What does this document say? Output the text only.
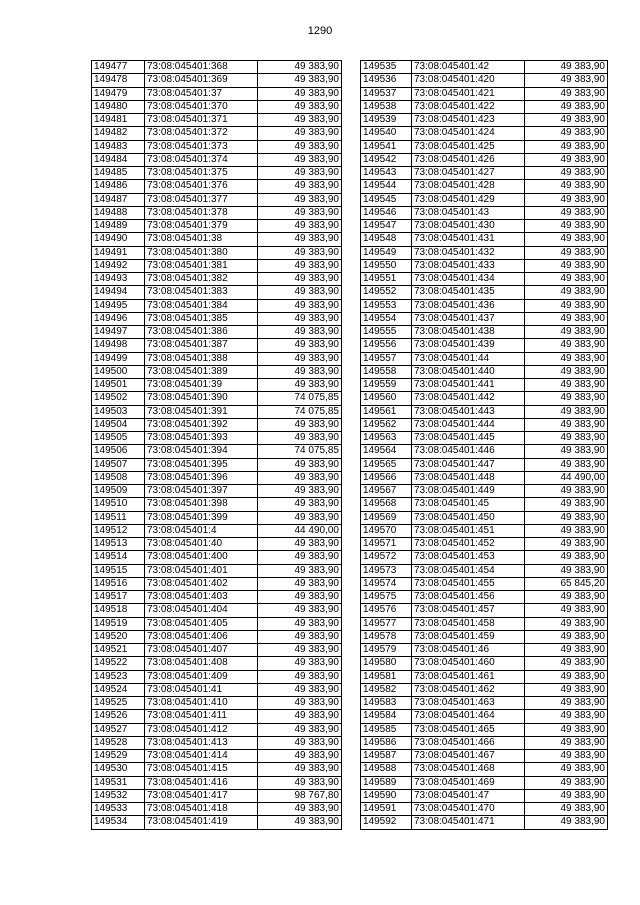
1290
149477	73:08:045401:368	49 383,90
149478	73:08:045401:369	49 383,90
149479	73:08:045401:37	49 383,90
149480	73:08:045401:370	49 383,90
149481	73:08:045401:371	49 383,90
149482	73:08:045401:372	49 383,90
149483	73:08:045401:373	49 383,90
149484	73:08:045401:374	49 383,90
149485	73:08:045401:375	49 383,90
149486	73:08:045401:376	49 383,90
149487	73:08:045401:377	49 383,90
149488	73:08:045401:378	49 383,90
149489	73:08:045401:379	49 383,90
149490	73:08:045401:38	49 383,90
149491	73:08:045401:380	49 383,90
149492	73:08:045401:381	49 383,90
149493	73:08:045401:382	49 383,90
149494	73:08:045401:383	49 383,90
149495	73:08:045401:384	49 383,90
149496	73:08:045401:385	49 383,90
149497	73:08:045401:386	49 383,90
149498	73:08:045401:387	49 383,90
149499	73:08:045401:388	49 383,90
149500	73:08:045401:389	49 383,90
149501	73:08:045401:39	49 383,90
149502	73:08:045401:390	74 075,85
149503	73:08:045401:391	74 075,85
149504	73:08:045401:392	49 383,90
149505	73:08:045401:393	49 383,90
149506	73:08:045401:394	74 075,85
149507	73:08:045401:395	49 383,90
149508	73:08:045401:396	49 383,90
149509	73:08:045401:397	49 383,90
149510	73:08:045401:398	49 383,90
149511	73:08:045401:399	49 383,90
149512	73:08:045401:4	44 490,00
149513	73:08:045401:40	49 383,90
149514	73:08:045401:400	49 383,90
149515	73:08:045401:401	49 383,90
149516	73:08:045401:402	49 383,90
149517	73:08:045401:403	49 383,90
149518	73:08:045401:404	49 383,90
149519	73:08:045401:405	49 383,90
149520	73:08:045401:406	49 383,90
149521	73:08:045401:407	49 383,90
149522	73:08:045401:408	49 383,90
149523	73:08:045401:409	49 383,90
149524	73:08:045401:41	49 383,90
149525	73:08:045401:410	49 383,90
149526	73:08:045401:411	49 383,90
149527	73:08:045401:412	49 383,90
149528	73:08:045401:413	49 383,90
149529	73:08:045401:414	49 383,90
149530	73:08:045401:415	49 383,90
149531	73:08:045401:416	49 383,90
149532	73:08:045401:417	98 767,80
149533	73:08:045401:418	49 383,90
149534	73:08:045401:419	49 383,90
149535	73:08:045401:42	49 383,90
149536	73:08:045401:420	49 383,90
149537	73:08:045401:421	49 383,90
149538	73:08:045401:422	49 383,90
149539	73:08:045401:423	49 383,90
149540	73:08:045401:424	49 383,90
149541	73:08:045401:425	49 383,90
149542	73:08:045401:426	49 383,90
149543	73:08:045401:427	49 383,90
149544	73:08:045401:428	49 383,90
149545	73:08:045401:429	49 383,90
149546	73:08:045401:43	49 383,90
149547	73:08:045401:430	49 383,90
149548	73:08:045401:431	49 383,90
149549	73:08:045401:432	49 383,90
149550	73:08:045401:433	49 383,90
149551	73:08:045401:434	49 383,90
149552	73:08:045401:435	49 383,90
149553	73:08:045401:436	49 383,90
149554	73:08:045401:437	49 383,90
149555	73:08:045401:438	49 383,90
149556	73:08:045401:439	49 383,90
149557	73:08:045401:44	49 383,90
149558	73:08:045401:440	49 383,90
149559	73:08:045401:441	49 383,90
149560	73:08:045401:442	49 383,90
149561	73:08:045401:443	49 383,90
149562	73:08:045401:444	49 383,90
149563	73:08:045401:445	49 383,90
149564	73:08:045401:446	49 383,90
149565	73:08:045401:447	49 383,90
149566	73:08:045401:448	44 490,00
149567	73:08:045401:449	49 383,90
149568	73:08:045401:45	49 383,90
149569	73:08:045401:450	49 383,90
149570	73:08:045401:451	49 383,90
149571	73:08:045401:452	49 383,90
149572	73:08:045401:453	49 383,90
149573	73:08:045401:454	49 383,90
149574	73:08:045401:455	65 845,20
149575	73:08:045401:456	49 383,90
149576	73:08:045401:457	49 383,90
149577	73:08:045401:458	49 383,90
149578	73:08:045401:459	49 383,90
149579	73:08:045401:46	49 383,90
149580	73:08:045401:460	49 383,90
149581	73:08:045401:461	49 383,90
149582	73:08:045401:462	49 383,90
149583	73:08:045401:463	49 383,90
149584	73:08:045401:464	49 383,90
149585	73:08:045401:465	49 383,90
149586	73:08:045401:466	49 383,90
149587	73:08:045401:467	49 383,90
149588	73:08:045401:468	49 383,90
149589	73:08:045401:469	49 383,90
149590	73:08:045401:47	49 383,90
149591	73:08:045401:470	49 383,90
149592	73:08:045401:471	49 383,90
